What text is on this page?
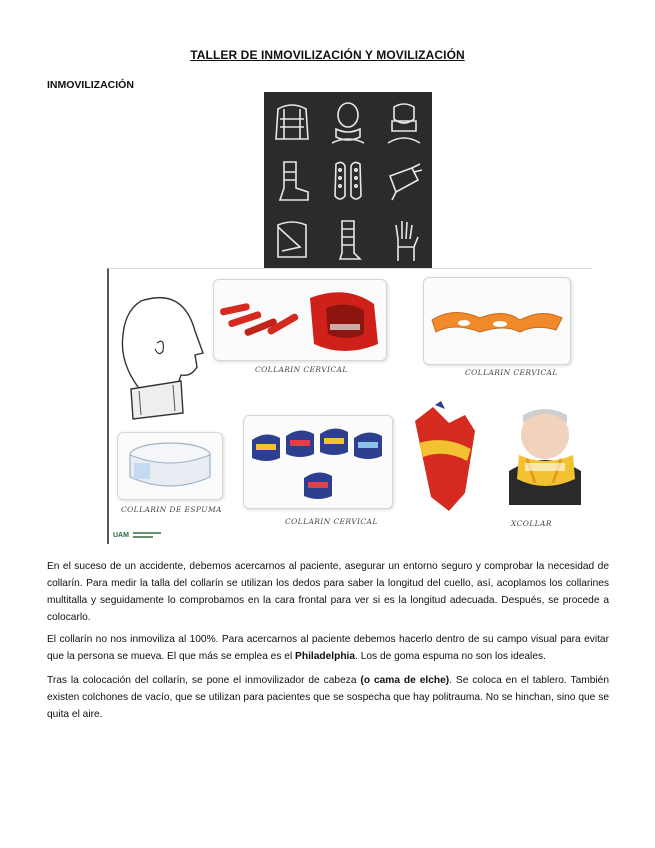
TALLER DE INMOVILIZACIÓN Y MOVILIZACIÓN
INMOVILIZACIÓN
COLLARIN CERVICAL	COLLARIN CERVICAL
COLLARIN DE ESPUMA
COLLARIN CERVICAL	XCOLLAR
UAM

En el suceso de un accidente, debemos acercarnos al paciente, asegurar un entorno seguro y comprobar la necesidad de collarín. Para medir la talla del collarín se utilizan los dedos para saber la longitud del cuello, así, acoplamos los collarines multitalla y seguidamente lo comprobamos en la cara frontal para ver si es la longitud adecuada. Después, se procede a colocarlo.

El collarín no nos inmoviliza al 100%. Para acercarnos al paciente debemos hacerlo dentro de su campo visual para evitar que la persona se mueva. El que más se emplea es el Philadelphia. Los de goma espuma no son los ideales.

Tras la colocación del collarín, se pone el inmovilizador de cabeza (o cama de elche). Se coloca en el tablero. También existen colchones de vacío, que se utilizan para pacientes que se sospecha que hay politrauma. No se hinchan, sino que se quita el aire.
